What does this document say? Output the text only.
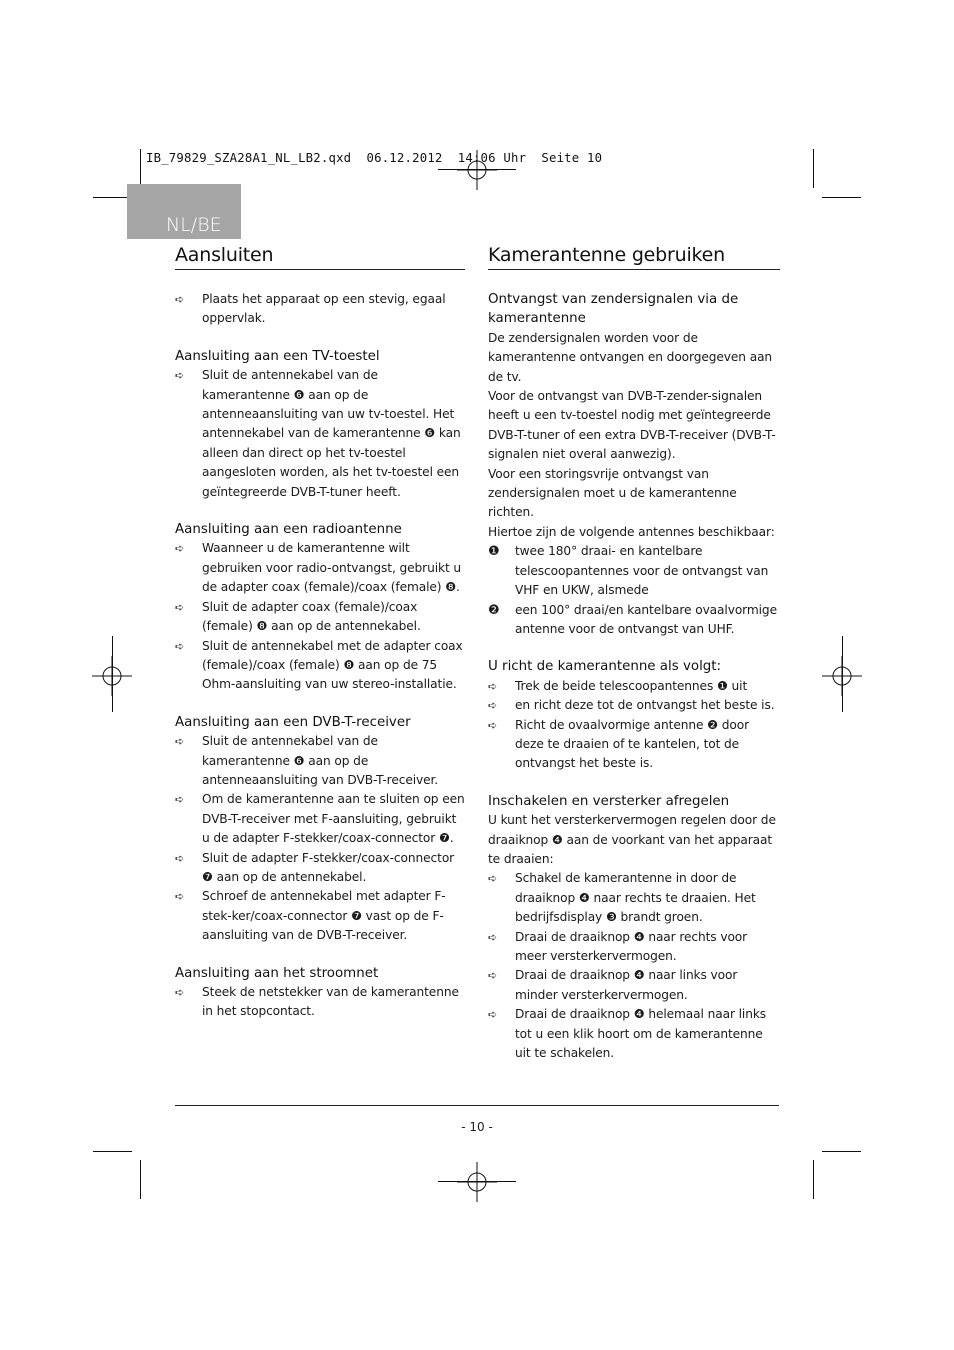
IB_79829_SZA28A1_NL_LB2.qxd  06.12.2012  14:06 Uhr  Seite 10
NL/BE
Aansluiten
➪ Plaats het apparaat op een stevig, egaal oppervlak.
Aansluiting aan een TV-toestel
➪ Sluit de antennekabel van de kamerantenne ❻ aan op de antenneaansluiting van uw tv-toestel. Het antennekabel van de kamerantenne ❻ kan alleen dan direct op het tv-toestel aangesloten worden, als het tv-toestel een geïntegreerde DVB-T-tuner heeft.
Aansluiting aan een radioantenne
➪ Waanneer u de kamerantenne wilt gebruiken voor radio-ontvangst, gebruikt u de adapter coax (female)/coax (female) ❽.
➪ Sluit de adapter coax (female)/coax (female) ❽ aan op de antennekabel.
➪ Sluit de antennekabel met de adapter coax (female)/coax (female) ❽ aan op de 75 Ohm-aansluiting van uw stereo-installatie.
Aansluiting aan een DVB-T-receiver
➪ Sluit de antennekabel van de kamerantenne ❻ aan op de antenneaansluiting van DVB-T-receiver.
➪ Om de kamerantenne aan te sluiten op een DVB-T-receiver met F-aansluiting, gebruikt u de adapter F-stekker/coax-connector ❼.
➪ Sluit de adapter F-stekker/coax-connector ❼ aan op de antennekabel.
➪ Schroef de antennekabel met adapter F-stek-ker/coax-connector ❼ vast op de F-aansluiting van de DVB-T-receiver.
Aansluiting aan het stroomnet
➪ Steek de netstekker van de kamerantenne in het stopcontact.
Kamerantenne gebruiken
Ontvangst van zendersignalen via de kamerantenne
De zendersignalen worden voor de kamerantenne ontvangen en doorgegeven aan de tv.
Voor de ontvangst van DVB-T-zender-signalen heeft u een tv-toestel nodig met geïntegreerde DVB-T-tuner of een extra DVB-T-receiver (DVB-T-signalen niet overal aanwezig).
Voor een storingsvrije ontvangst van zendersignalen moet u de kamerantenne richten.
Hiertoe zijn de volgende antennes beschikbaar:
❶ twee 180° draai- en kantelbare telescoopantennes voor de ontvangst van VHF en UKW, alsmede
❷ een 100° draai/en kantelbare ovaalvormige antenne voor de ontvangst van UHF.
U richt de kamerantenne als volgt:
➪ Trek de beide telescoopantennes ❶ uit
➪ en richt deze tot de ontvangst het beste is.
➪ Richt de ovaalvormige antenne ❷ door deze te draaien of te kantelen, tot de ontvangst het beste is.
Inschakelen en versterker afregelen
U kunt het versterkervermogen regelen door de draaiknop ❹ aan de voorkant van het apparaat te draaien:
➪ Schakel de kamerantenne in door de draaiknop ❹ naar rechts te draaien. Het bedrijfsdisplay ❸ brandt groen.
➪ Draai de draaiknop ❹ naar rechts voor meer versterkervermogen.
➪ Draai de draaiknop ❹ naar links voor minder versterkervermogen.
➪ Draai de draaiknop ❹ helemaal naar links tot u een klik hoort om de kamerantenne uit te schakelen.
- 10 -
